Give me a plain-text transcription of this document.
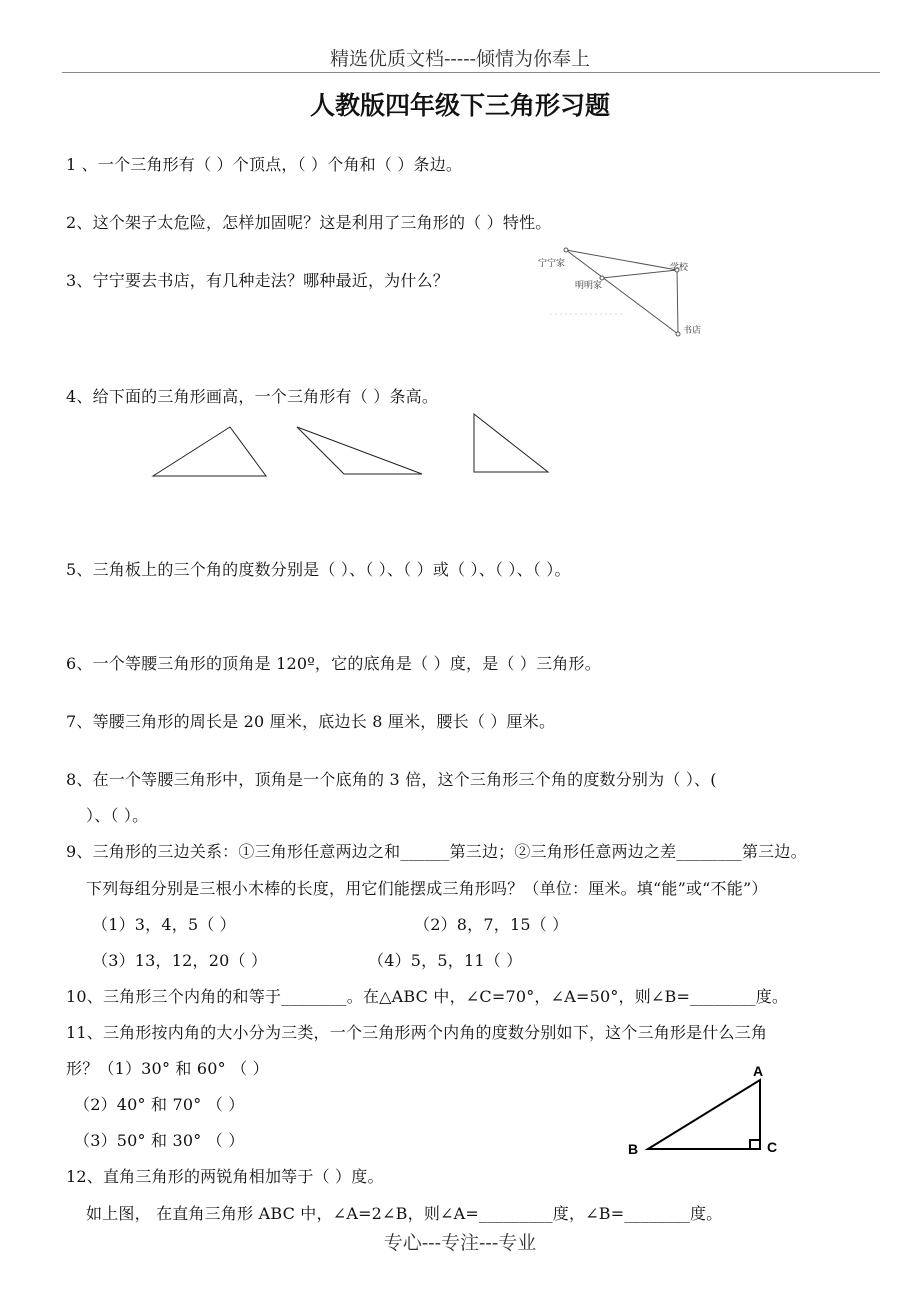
精选优质文档-----倾情为你奉上
人教版四年级下三角形习题
1 、一个三角形有（ ）个顶点，（ ）个角和（ ）条边。
2、这个架子太危险，怎样加固呢？这是利用了三角形的（ ）特性。
3、宁宁要去书店，有几种走法？哪种最近，为什么？
宁宁家
明明家
学校
书店
4、给下面的三角形画高，一个三角形有（ ）条高。
5、三角板上的三个角的度数分别是（ ）、（ ）、（ ）或（ ）、（ ）、（ ）。
6、一个等腰三角形的顶角是 120º，它的底角是（ ）度，是（ ）三角形。
7、等腰三角形的周长是 20 厘米，底边长 8 厘米，腰长（ ）厘米。
8、在一个等腰三角形中，顶角是一个底角的 3 倍，这个三角形三个角的度数分别为（ ）、(
）、（ ）。
9、三角形的三边关系：①三角形任意两边之和______第三边；②三角形任意两边之差________第三边。
下列每组分别是三根小木棒的长度，用它们能摆成三角形吗？（单位：厘米。填“能”或“不能”）
（1）3，4，5（ ）	（2）8，7，15（ ）
（3）13，12，20（ ）	（4）5，5，11（ ）
10、三角形三个内角的和等于________。在△ABC 中，∠C=70°，∠A=50°，则∠B=________度。
11、三角形按内角的大小分为三类，一个三角形两个内角的度数分别如下，这个三角形是什么三角
形？（1）30° 和 60° （ ）
（2）40° 和 70° （ ）
（3）50° 和 30° （ ）
A
B	C
12、直角三角形的两锐角相加等于（ ）度。
如上图， 在直角三角形 ABC 中，∠A=2∠B，则∠A=_________度，∠B=________度。
专心---专注---专业
